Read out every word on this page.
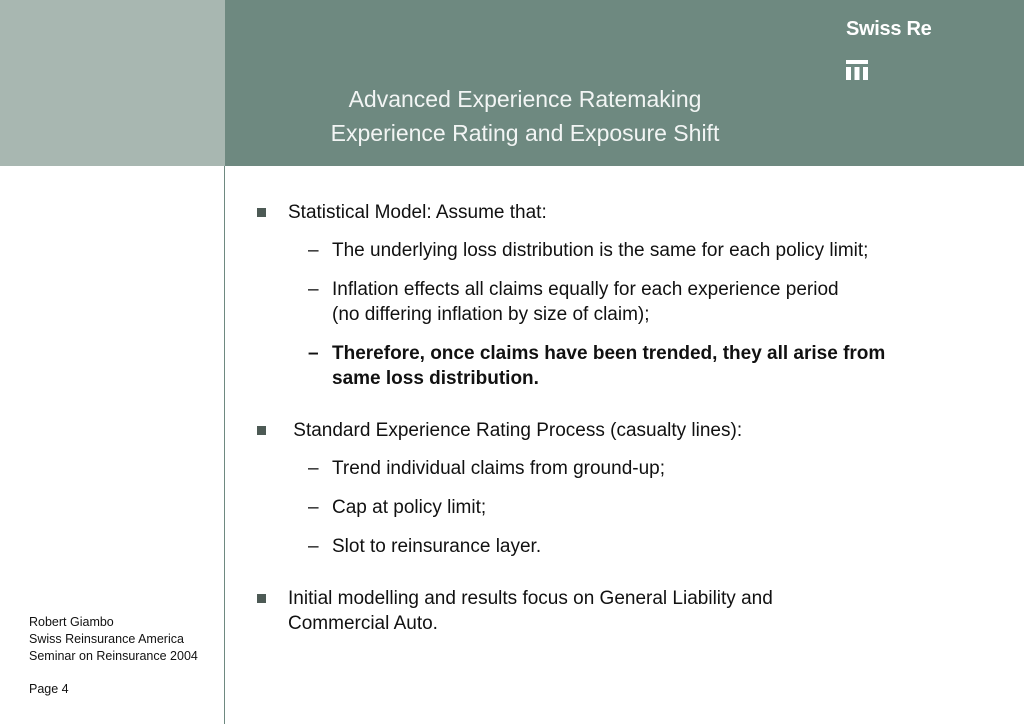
Advanced Experience Ratemaking
Experience Rating and Exposure Shift
Swiss Re
Statistical Model: Assume that:
– The underlying loss distribution is the same for each policy limit;
– Inflation effects all claims equally for each experience period
(no differing inflation by size of claim);
– Therefore, once claims have been trended, they all arise from
same loss distribution.
Standard Experience Rating Process (casualty lines):
– Trend individual claims from ground-up;
– Cap at policy limit;
– Slot to reinsurance layer.
Initial modelling and results focus on General Liability and
Commercial Auto.
Robert Giambo
Swiss Reinsurance America
Seminar on Reinsurance 2004
Page 4
